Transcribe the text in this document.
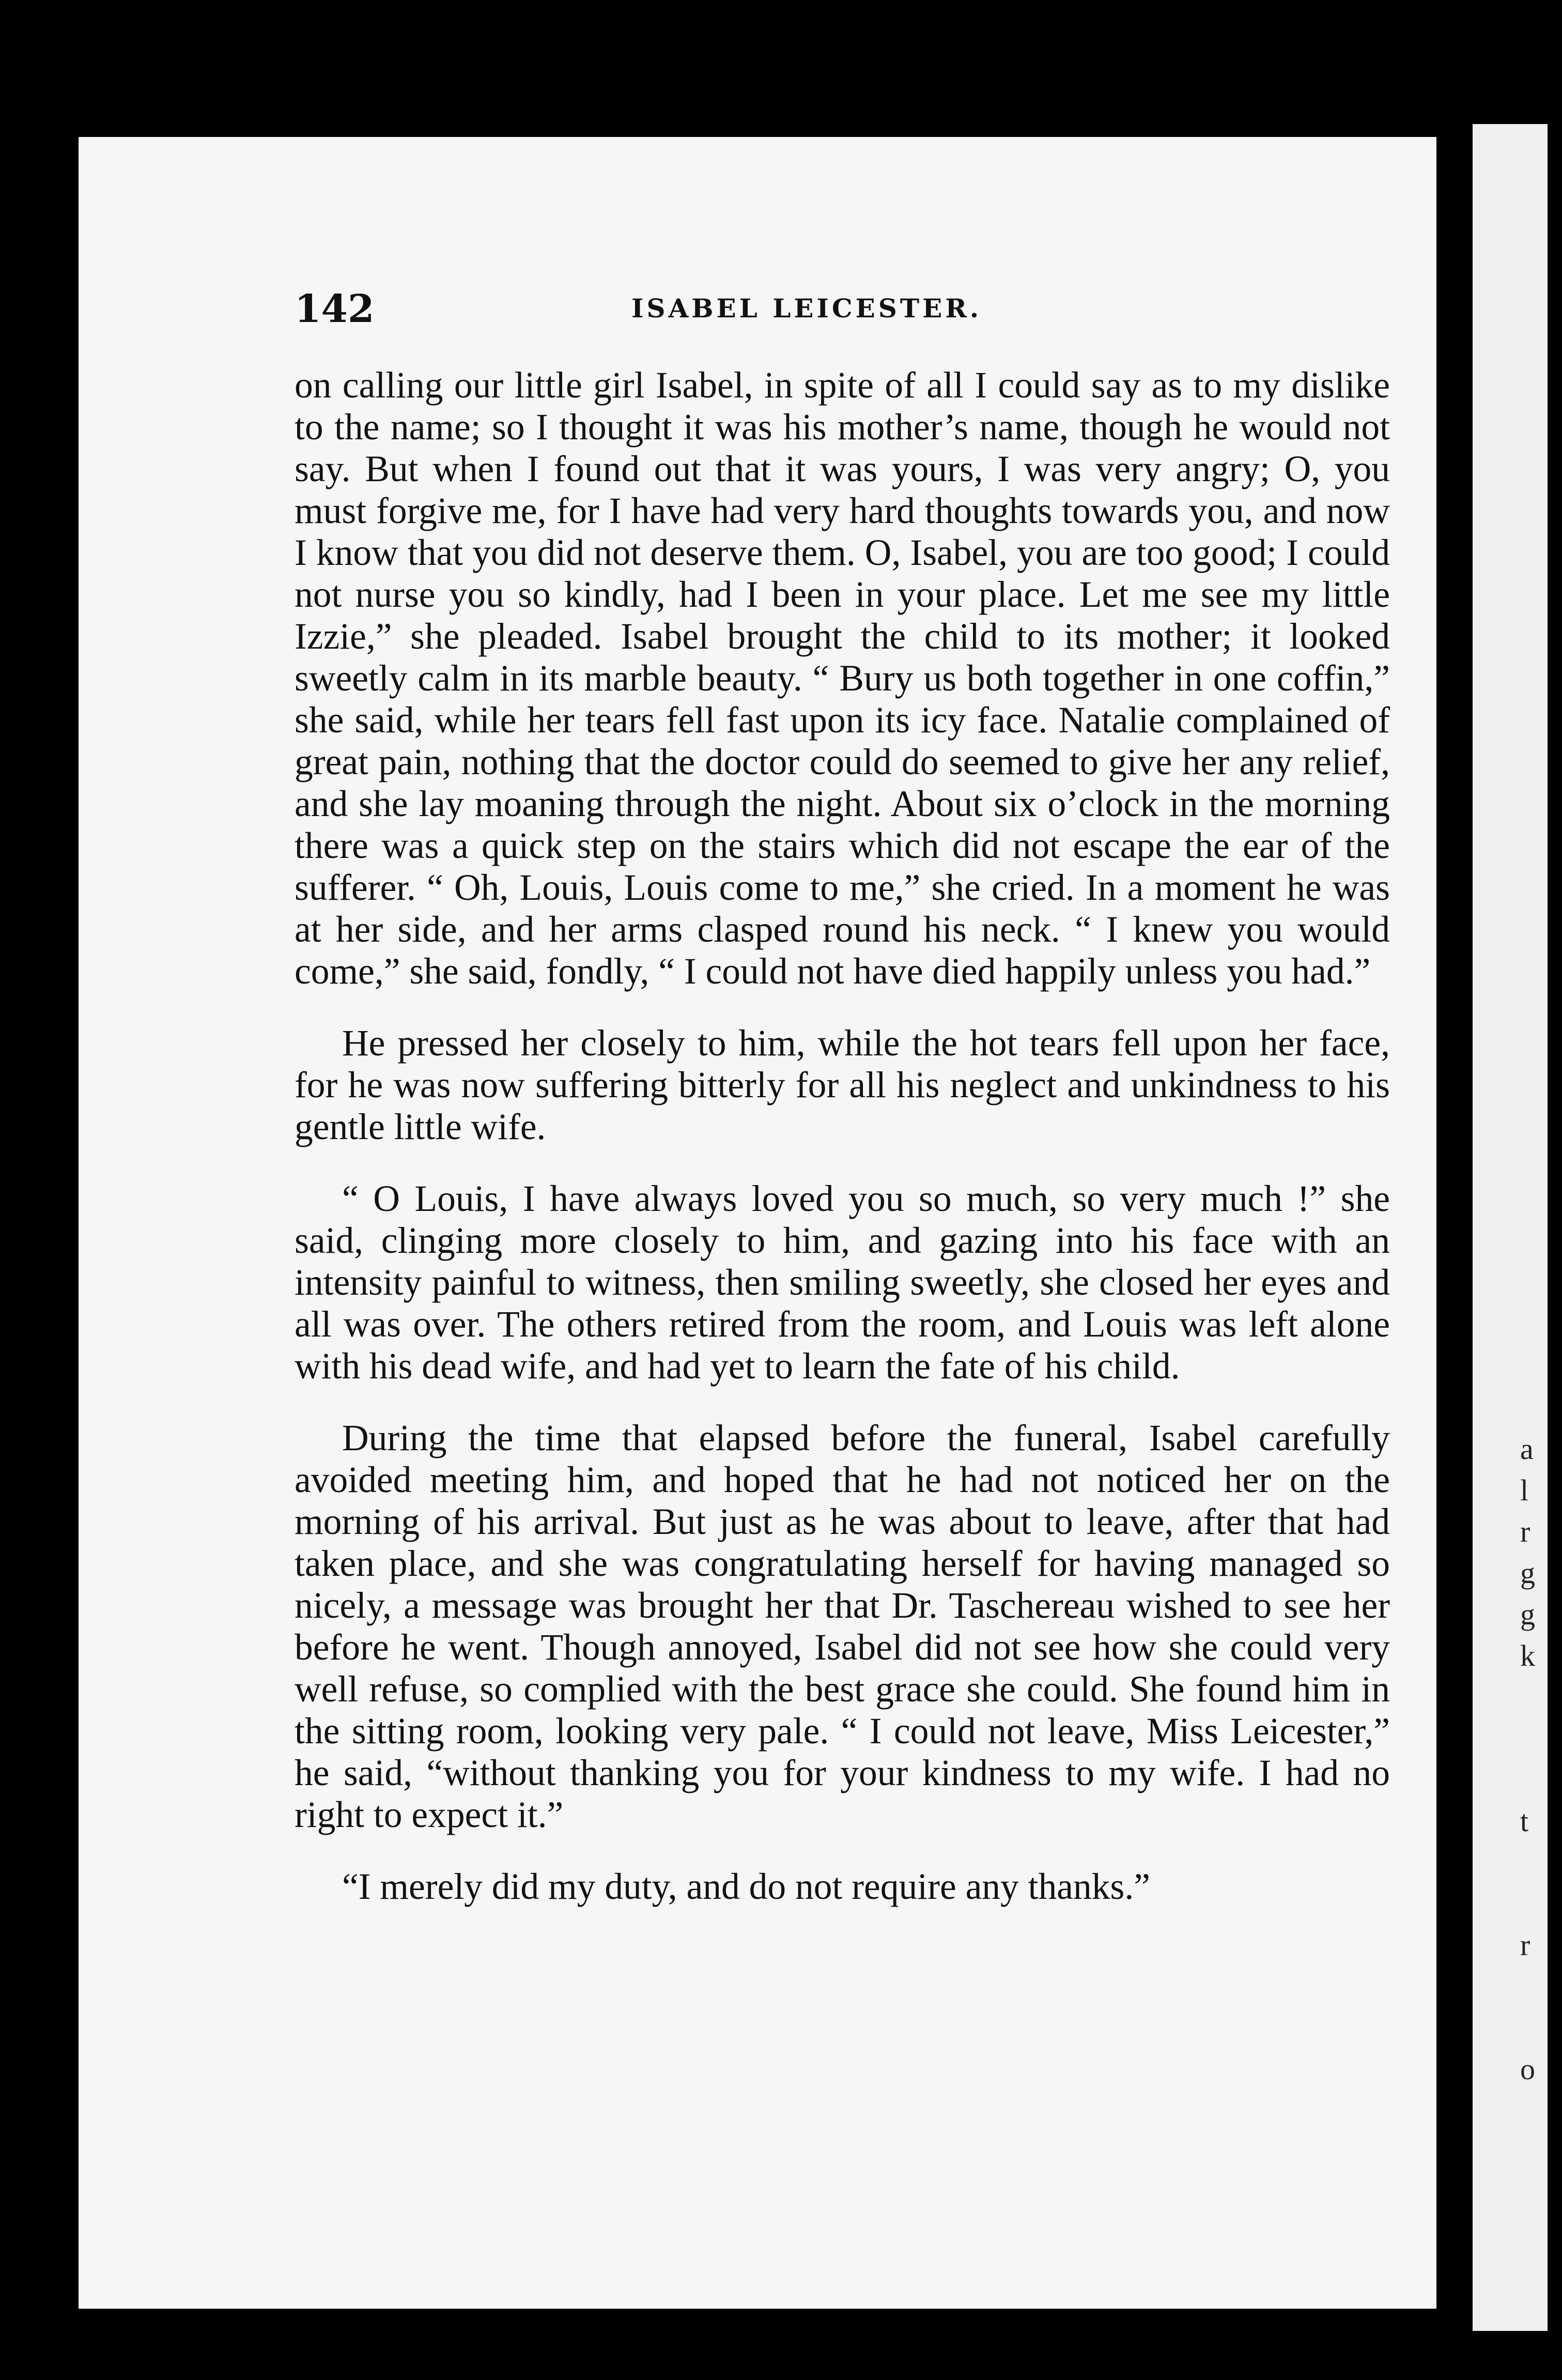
a
l
r
g
g
k
t
r
o
142	ISABEL LEICESTER.

on calling our little girl Isabel, in spite of all I could say as to my dislike to the name; so I thought it was his mother’s name, though he would not say. But when I found out that it was yours, I was very angry; O, you must forgive me, for I have had very hard thoughts towards you, and now I know that you did not deserve them. O, Isabel, you are too good; I could not nurse you so kindly, had I been in your place. Let me see my little Izzie,” she pleaded. Isabel brought the child to its mother; it looked sweetly calm in its marble beauty. “ Bury us both together in one coffin,” she said, while her tears fell fast upon its icy face. Natalie complained of great pain, nothing that the doctor could do seemed to give her any relief, and she lay moaning through the night. About six o’clock in the morning there was a quick step on the stairs which did not escape the ear of the sufferer. “ Oh, Louis, Louis come to me,” she cried. In a moment he was at her side, and her arms clasped round his neck. “ I knew you would come,” she said, fondly, “ I could not have died happily unless you had.”

He pressed her closely to him, while the hot tears fell upon her face, for he was now suffering bitterly for all his neglect and unkindness to his gentle little wife.

“ O Louis, I have always loved you so much, so very much !” she said, clinging more closely to him, and gazing into his face with an intensity painful to witness, then smiling sweetly, she closed her eyes and all was over. The others retired from the room, and Louis was left alone with his dead wife, and had yet to learn the fate of his child.

During the time that elapsed before the funeral, Isabel carefully avoided meeting him, and hoped that he had not noticed her on the morning of his arrival. But just as he was about to leave, after that had taken place, and she was congratulating herself for having managed so nicely, a message was brought her that Dr. Taschereau wished to see her before he went. Though annoyed, Isabel did not see how she could very well refuse, so complied with the best grace she could. She found him in the sitting room, looking very pale. “ I could not leave, Miss Leicester,” he said, “without thanking you for your kindness to my wife. I had no right to expect it.”

“I merely did my duty, and do not require any thanks.”
